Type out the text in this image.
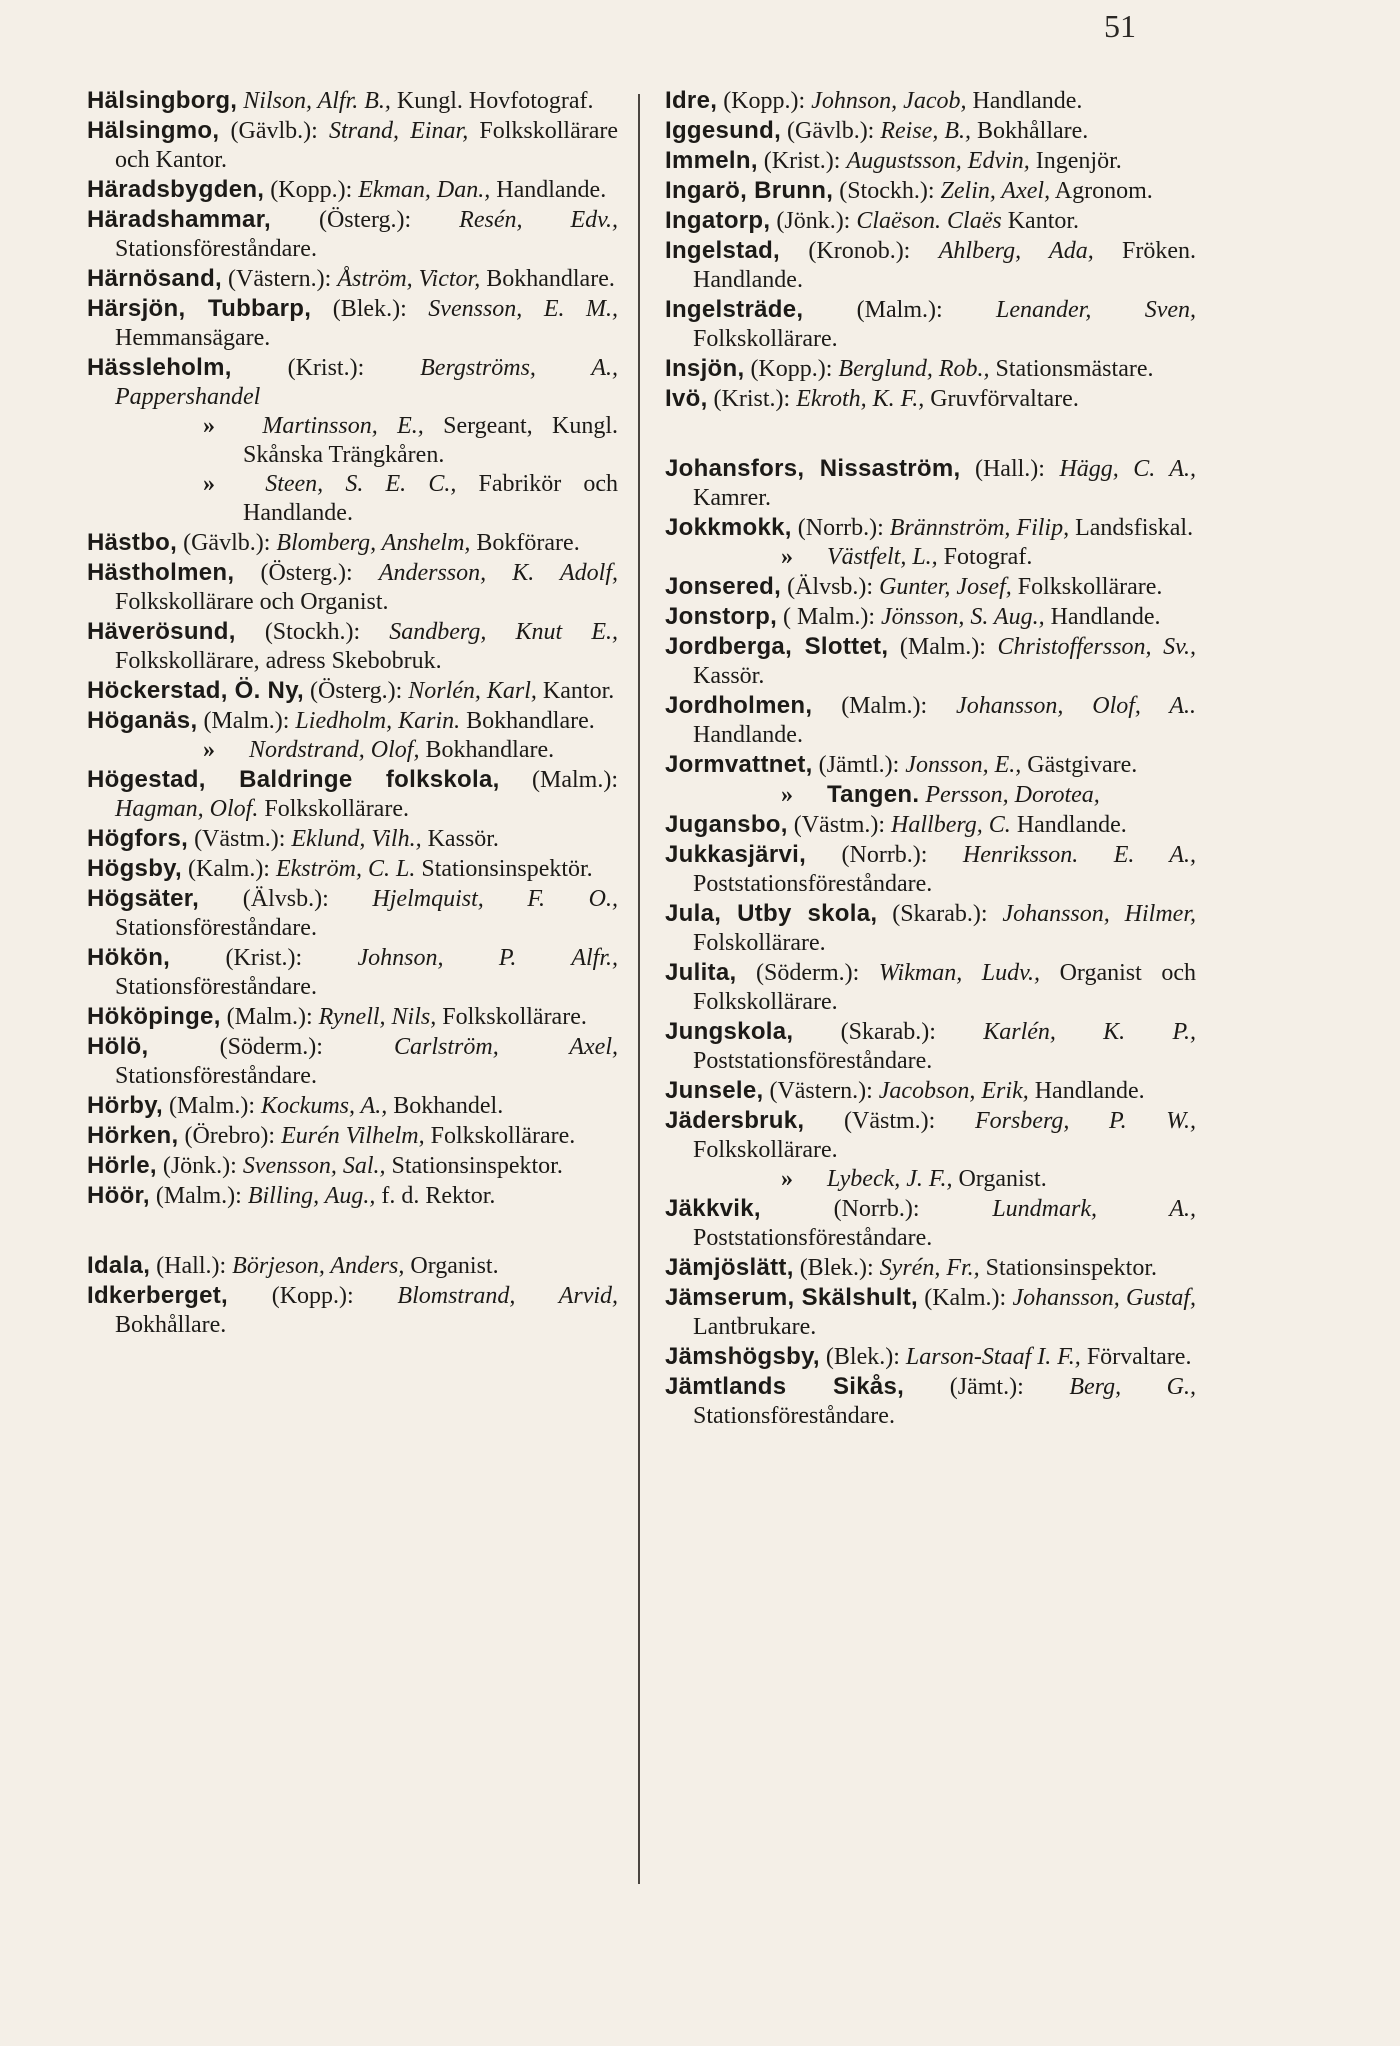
51
Hälsingborg, Nilson, Alfr. B., Kungl. Hovfotograf.
Hälsingmo, (Gävlb.): Strand, Einar, Folkskollärare och Kantor.
Häradsbygden, (Kopp.): Ekman, Dan., Handlande.
Häradshammar, (Österg.): Resén, Edv., Stationsföreståndare.
Härnösand, (Västern.): Åström, Victor, Bokhandlare.
Härsjön, Tubbarp, (Blek.): Svensson, E. M., Hemmansägare.
Hässleholm, (Krist.): Bergströms, A., Pappershandel
» Martinsson, E., Sergeant, Kungl. Skånska Trängkåren.
» Steen, S. E. C., Fabrikör och Handlande.
Hästbo, (Gävlb.): Blomberg, Anshelm, Bokförare.
Hästholmen, (Österg.): Andersson, K. Adolf, Folkskollärare och Organist.
Häverösund, (Stockh.): Sandberg, Knut E., Folkskollärare, adress Skebobruk.
Höckerstad, Ö. Ny, (Österg.): Norlén, Karl, Kantor.
Höganäs, (Malm.): Liedholm, Karin. Bokhandlare.
» Nordstrand, Olof, Bokhandlare.
Högestad, Baldringe folkskola, (Malm.): Hagman, Olof. Folkskollärare.
Högfors, (Västm.): Eklund, Vilh., Kassör.
Högsby, (Kalm.): Ekström, C. L. Stationsinspektör.
Högsäter, (Älvsb.): Hjelmquist, F. O., Stationsföreståndare.
Hökön, (Krist.): Johnson, P. Alfr., Stationsföreståndare.
Hököpinge, (Malm.): Rynell, Nils, Folkskollärare.
Hölö,	(Söderm.):	Carlström, Axel, Stationsföreståndare.
Hörby, (Malm.): Kockums, A., Bokhandel.
Hörken, (Örebro): Eurén Vilhelm, Folkskollärare.
Hörle, (Jönk.): Svensson, Sal., Stationsinspektor.
Höör, (Malm.): Billing, Aug., f. d. Rektor.
Idala, (Hall.): Börjeson, Anders, Organist.
Idkerberget, (Kopp.): Blomstrand, Arvid, Bokhållare.
Idre, (Kopp.): Johnson, Jacob, Handlande.
Iggesund, (Gävlb.): Reise, B., Bokhållare.
Immeln, (Krist.): Augustsson, Edvin, Ingenjör.
Ingarö, Brunn, (Stockh.): Zelin, Axel, Agronom.
Ingatorp, (Jönk.): Claëson. Claës Kantor.
Ingelstad, (Kronob.): Ahlberg, Ada, Fröken. Handlande.
Ingelsträde, (Malm.): Lenander, Sven, Folkskollärare.
Insjön, (Kopp.): Berglund, Rob., Stationsmästare.
Ivö, (Krist.): Ekroth, K. F., Gruvförvaltare.
Johansfors, Nissaström, (Hall.): Hägg, C. A., Kamrer.
Jokkmokk, (Norrb.): Brännström, Filip, Landsfiskal.
» Västfelt, L., Fotograf.
Jonsered, (Älvsb.): Gunter, Josef, Folkskollärare.
Jonstorp, ( Malm.): Jönsson, S. Aug., Handlande.
Jordberga, Slottet, (Malm.): Christoffersson, Sv., Kassör.
Jordholmen, (Malm.): Johansson, Olof, A.. Handlande.
Jormvattnet, (Jämtl.): Jonsson, E., Gästgivare.
» Tangen. Persson, Dorotea,
Jugansbo, (Västm.): Hallberg, C. Handlande.
Jukkasjärvi, (Norrb.): Henriksson. E. A., Poststationsföreståndare.
Jula, Utby skola, (Skarab.): Johansson, Hilmer, Folskollärare.
Julita, (Söderm.): Wikman, Ludv., Organist och Folkskollärare.
Jungskola, (Skarab.): Karlén, K. P., Poststationsföreståndare.
Junsele, (Västern.): Jacobson, Erik, Handlande.
Jädersbruk, (Västm.): Forsberg, P. W., Folkskollärare.
» Lybeck, J. F., Organist.
Jäkkvik,	(Norrb.):	Lundmark, A., Poststationsföreståndare.
Jämjöslätt, (Blek.): Syrén, Fr., Stationsinspektor.
Jämserum, Skälshult, (Kalm.): Johansson, Gustaf, Lantbrukare.
Jämshögsby, (Blek.): Larson-Staaf I. F., Förvaltare.
Jämtlands Sikås, (Jämt.): Berg, G., Stationsföreståndare.
